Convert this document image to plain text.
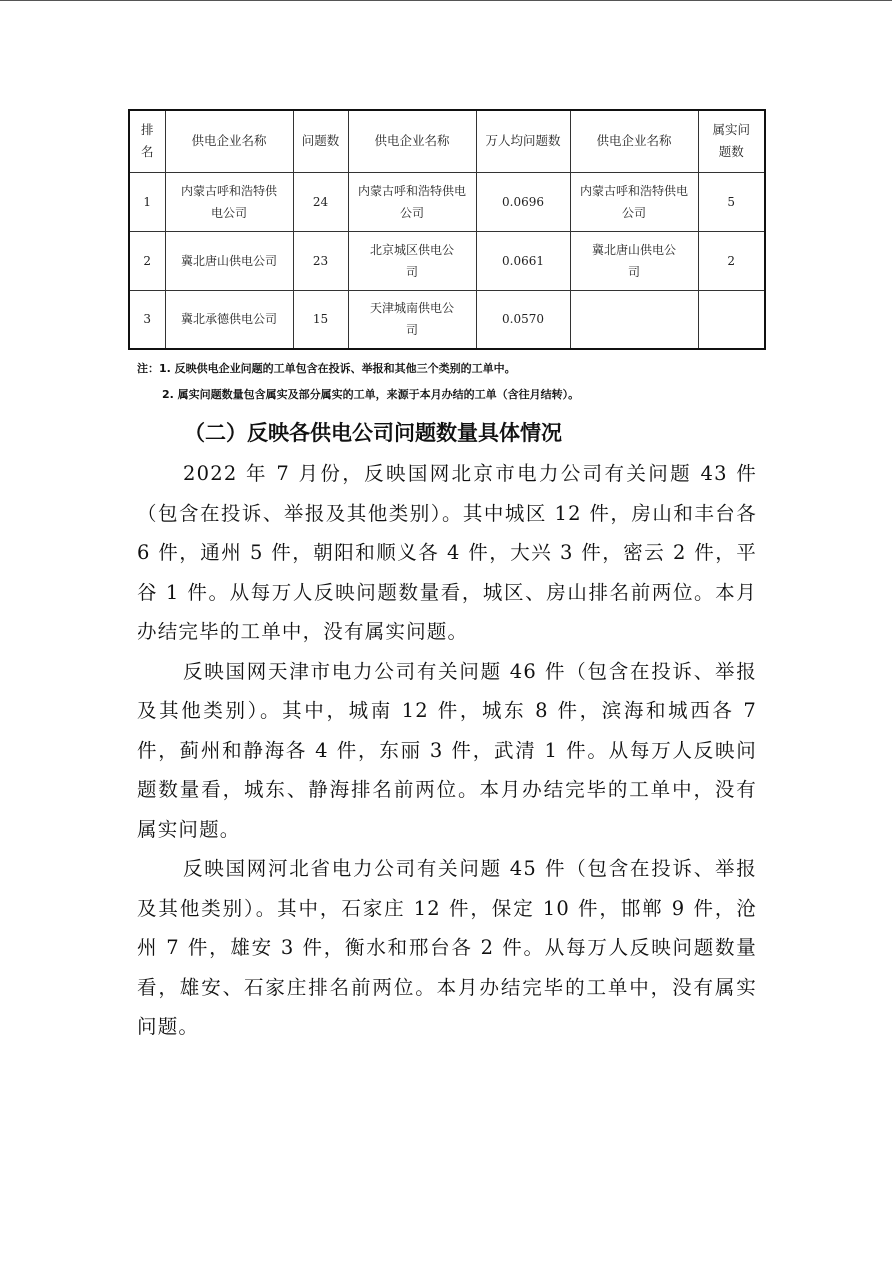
排名	供电企业名称	问题数	供电企业名称	万人均问题数	供电企业名称	属实问题数
1	内蒙古呼和浩特供电公司	24	内蒙古呼和浩特供电公司	0.0696	内蒙古呼和浩特供电公司	5
2	冀北唐山供电公司	23	北京城区供电公司	0.0661	冀北唐山供电公司	2
3	冀北承德供电公司	15	天津城南供电公司	0.0570		
注：1. 反映供电企业问题的工单包含在投诉、举报和其他三个类别的工单中。
2. 属实问题数量包含属实及部分属实的工单，来源于本月办结的工单（含往月结转）。
（二）反映各供电公司问题数量具体情况

2022 年 7 月份，反映国网北京市电力公司有关问题 43 件（包含在投诉、举报及其他类别）。其中城区 12 件，房山和丰台各 6 件，通州 5 件，朝阳和顺义各 4 件，大兴 3 件，密云 2 件，平谷 1 件。从每万人反映问题数量看，城区、房山排名前两位。本月办结完毕的工单中，没有属实问题。

反映国网天津市电力公司有关问题 46 件（包含在投诉、举报及其他类别）。其中，城南 12 件，城东 8 件，滨海和城西各 7 件，蓟州和静海各 4 件，东丽 3 件，武清 1 件。从每万人反映问题数量看，城东、静海排名前两位。本月办结完毕的工单中，没有属实问题。

反映国网河北省电力公司有关问题 45 件（包含在投诉、举报及其他类别）。其中，石家庄 12 件，保定 10 件，邯郸 9 件，沧州 7 件，雄安 3 件，衡水和邢台各 2 件。从每万人反映问题数量看，雄安、石家庄排名前两位。本月办结完毕的工单中，没有属实问题。
